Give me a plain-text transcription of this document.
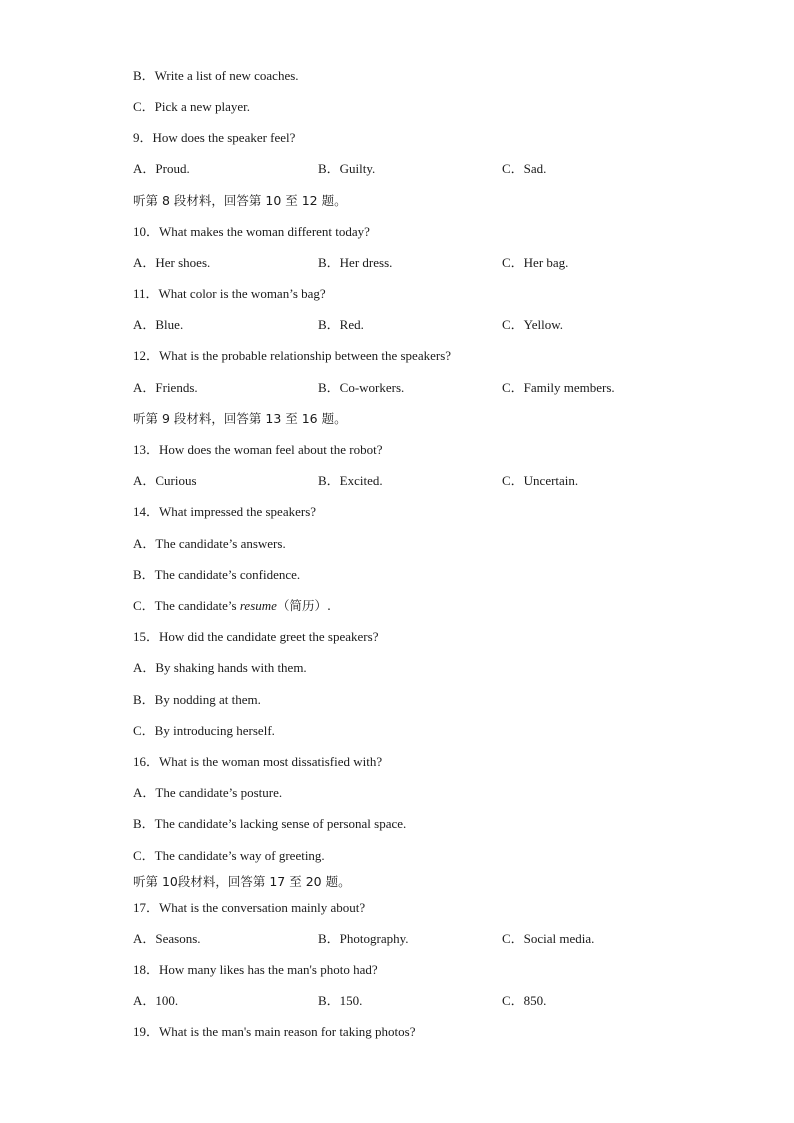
B．Write a list of new coaches.
C．Pick a new player.
9．How does the speaker feel?
A．Proud.	B．Guilty.	C．Sad.
听第 8 段材料，回答第 10 至 12 题。
10．What makes the woman different today?
A．Her shoes.	B．Her dress.	C．Her bag.
11．What color is the woman’s bag?
A．Blue.	B．Red.	C．Yellow.
12．What is the probable relationship between the speakers?
A．Friends.	B．Co-workers.	C．Family members.
听第 9 段材料，回答第 13 至 16 题。
13．How does the woman feel about the robot?
A．Curious	B．Excited.	C．Uncertain.
14．What impressed the speakers?
A．The candidate’s answers.
B．The candidate’s confidence.
C．The candidate’s resume（简历）.
15．How did the candidate greet the speakers?
A．By shaking hands with them.
B．By nodding at them.
C．By introducing herself.
16．What is the woman most dissatisfied with?
A．The candidate’s posture.
B．The candidate’s lacking sense of personal space.
C．The candidate’s way of greeting.
听第 10段材料，回答第 17 至 20 题。
17．What is the conversation mainly about?
A．Seasons.	B．Photography.	C．Social media.
18．How many likes has the man's photo had?
A．100.	B．150.	C．850.
19．What is the man's main reason for taking photos?
